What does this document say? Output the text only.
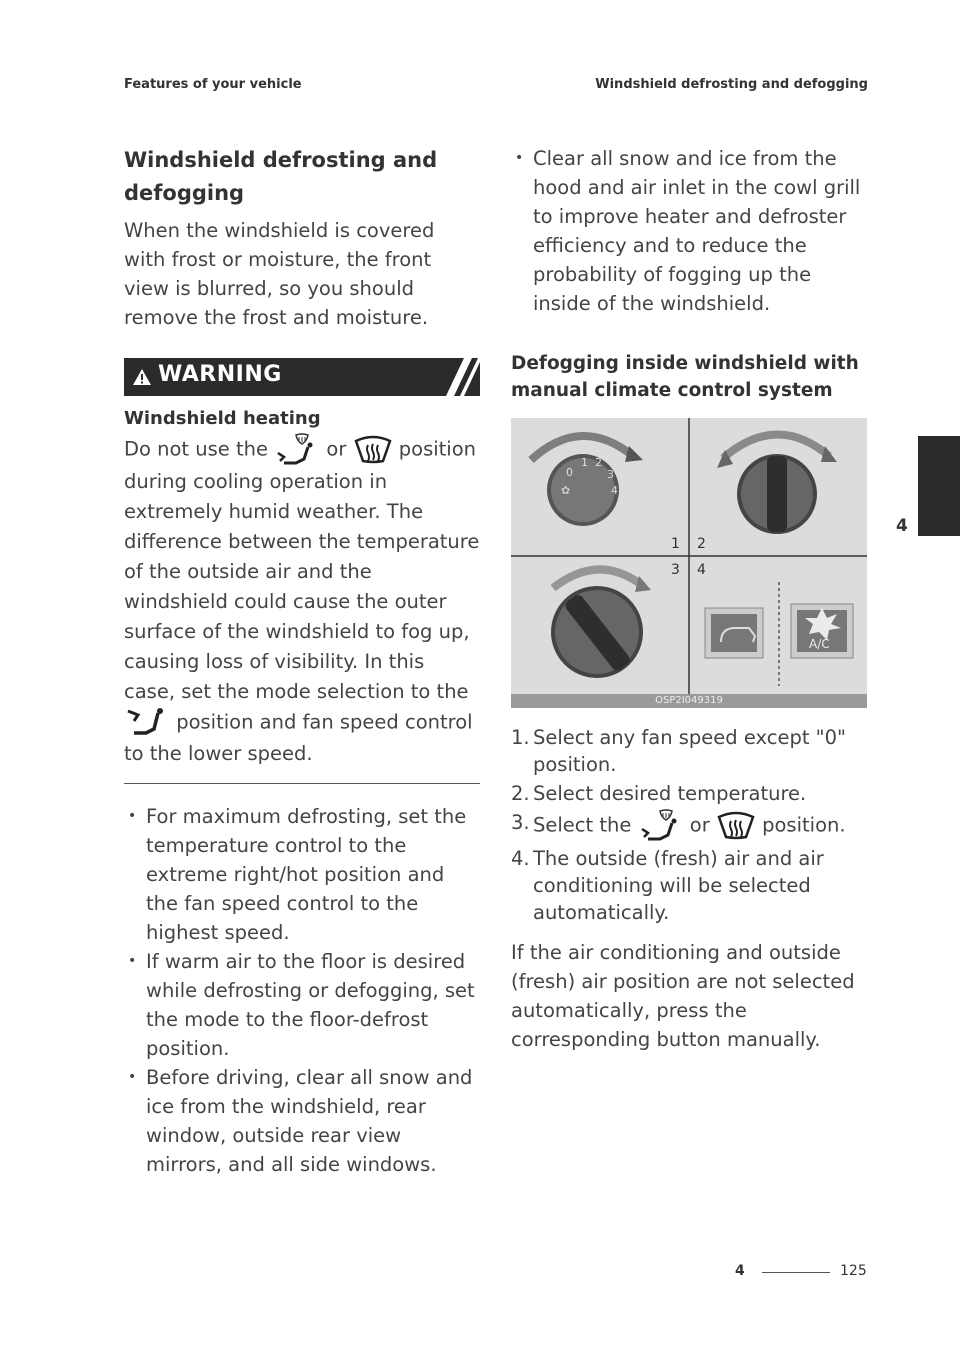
Features of your vehicle	Windshield defrosting and defogging
Windshield defrosting and defogging

When the windshield is covered with frost or moisture, the front view is blurred, so you should remove the frost and moisture.

WARNING
Windshield heating
Do not use the	or	position during cooling operation in extremely humid weather. The difference between the temperature of the outside air and the windshield could cause the outer surface of the windshield to fog up, causing loss of visibility. In this case, set the mode selection to the  position and fan speed control to the lower speed.
• For maximum defrosting, set the temperature control to the extreme right/hot position and the fan speed control to the highest speed.
• If warm air to the floor is desired while defrosting or defogging, set the mode to the floor-defrost position.
• Before driving, clear all snow and ice from the windshield, rear window, outside rear view mirrors, and all side windows.
• Clear all snow and ice from the hood and air inlet in the cowl grill to improve heater and defroster efficiency and to reduce the probability of fogging up the inside of the windshield.
Defogging inside windshield with manual climate control system
0
1 2
3
4
✿
1 2
3 4
A/C
OSP2I049319
1. Select any fan speed except "0" position.
2. Select desired temperature.
3. Select the	or	position.
4. The outside (fresh) air and air conditioning will be selected automatically.
If the air conditioning and outside (fresh) air position are not selected automatically, press the corresponding button manually.
4
4	125
